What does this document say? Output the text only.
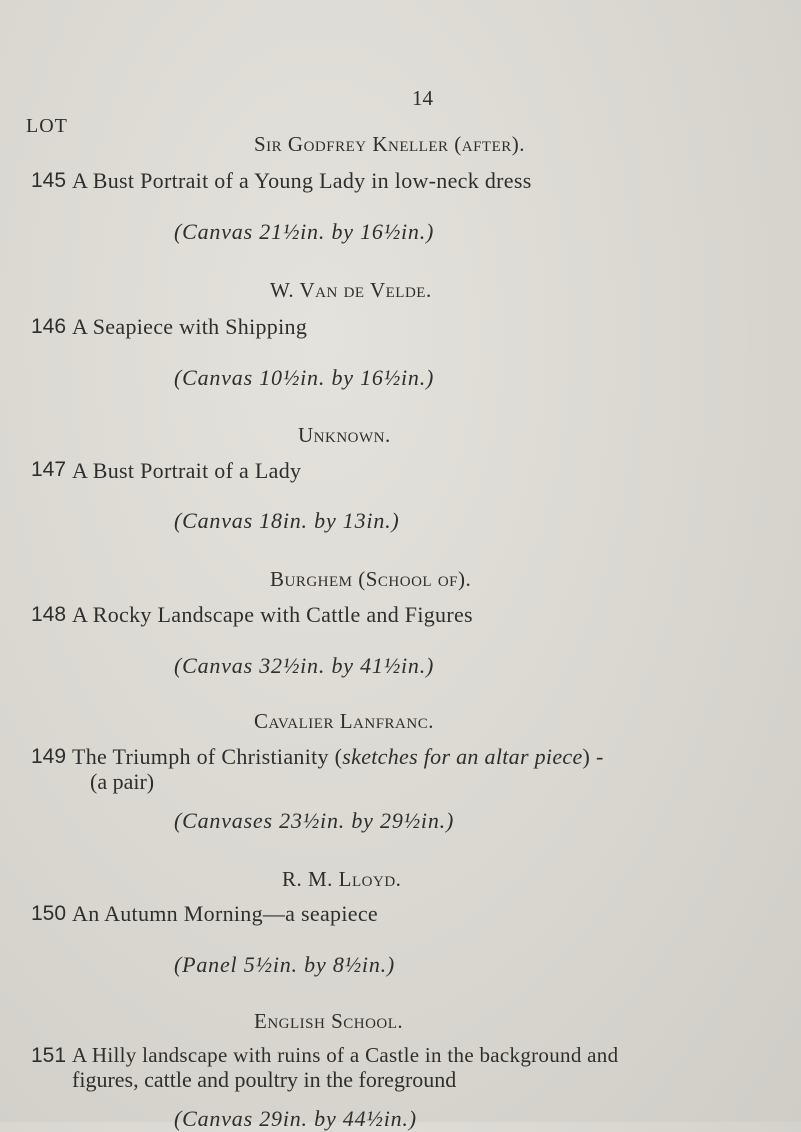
14
LOT
Sir Godfrey Kneller (after).
145 A Bust Portrait of a Young Lady in low-neck dress
(Canvas 21½in. by 16½in.)
W. Van de Velde.
146 A Seapiece with Shipping
(Canvas 10½in. by 16½in.)
Unknown.
147 A Bust Portrait of a Lady
(Canvas 18in. by 13in.)
Burghem (School of).
148 A Rocky Landscape with Cattle and Figures
(Canvas 32½in. by 41½in.)
Cavalier Lanfranc.
149 The Triumph of Christianity (sketches for an altar piece) -
(a pair)
(Canvases 23½in. by 29½in.)
R. M. Lloyd.
150 An Autumn Morning—a seapiece
(Panel 5½in. by 8½in.)
English School.
151 A Hilly landscape with ruins of a Castle in the background and
figures, cattle and poultry in the foreground
(Canvas 29in. by 44½in.)
